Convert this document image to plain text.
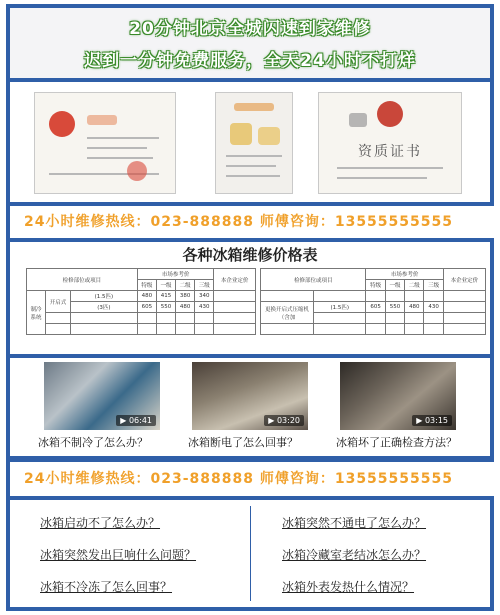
20分钟北京全城闪速到家维修
迟到一分钟免费服务，全天24小时不打烊
资质证书
24小时维修热线：023-888888 师傅咨询：13555555555
各种冰箱维修价格表
检修部位或项目			市场参考价				本企业定价
			特级	一级	二级	三级	
制冷系统	开启式	(1.5匹)	480	415	380	340	
		(3匹)	605	550	480	430	

检修部位或项目		市场参考价				本企业定价
		特级	一级	二级	三级	

更换开启式压缩机（含加	(1.5匹)	605	550	480	430	

▶ 06:41	▶ 03:20	▶ 03:15
冰箱不制冷了怎么办？	冰箱断电了怎么回事？	冰箱坏了正确检查方法？
24小时维修热线：023-888888 师傅咨询：13555555555
冰箱启动不了怎么办？
冰箱突然发出巨响什么问题？
冰箱不冷冻了怎么回事？
冰箱突然不通电了怎么办？
冰箱冷藏室老结冰怎么办？
冰箱外表发热什么情况？
